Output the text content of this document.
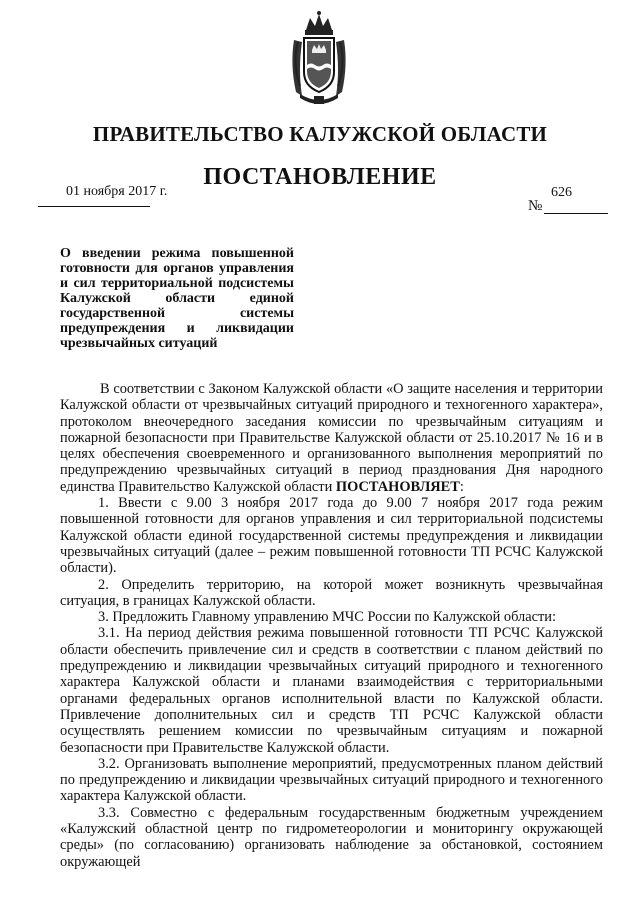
ПРАВИТЕЛЬСТВО КАЛУЖСКОЙ ОБЛАСТИ
ПОСТАНОВЛЕНИЕ
01 ноября 2017 г.	626
№
О введении режима повышенной
готовности для органов управления
и сил территориальной подсистемы
Калужской области единой
государственной системы
предупреждения и ликвидации
чрезвычайных ситуаций

В соответствии с Законом Калужской области «О защите населения и территории Калужской области от чрезвычайных ситуаций природного и техногенного характера», протоколом внеочередного заседания комиссии по чрезвычайным ситуациям и пожарной безопасности при Правительстве Калужской области от 25.10.2017 № 16 и в целях обеспечения своевременного и организованного выполнения мероприятий по предупреждению чрезвычайных ситуаций в период празднования Дня народного единства Правительство Калужской области ПОСТАНОВЛЯЕТ:

1. Ввести с 9.00 3 ноября 2017 года до 9.00 7 ноября 2017 года режим повышенной готовности для органов управления и сил территориальной подсистемы Калужской области единой государственной системы предупреждения и ликвидации чрезвычайных ситуаций (далее – режим повышенной готовности ТП РСЧС Калужской области).

2. Определить территорию, на которой может возникнуть чрезвычайная ситуация, в границах Калужской области.

3. Предложить Главному управлению МЧС России по Калужской области:

3.1. На период действия режима повышенной готовности ТП РСЧС Калужской области обеспечить привлечение сил и средств в соответствии с планом действий по предупреждению и ликвидации чрезвычайных ситуаций природного и техногенного характера Калужской области и планами взаимодействия с территориальными органами федеральных органов исполнительной власти по Калужской области. Привлечение дополнительных сил и средств ТП РСЧС Калужской области осуществлять решением комиссии по чрезвычайным ситуациям и пожарной безопасности при Правительстве Калужской области.

3.2. Организовать выполнение мероприятий, предусмотренных планом действий по предупреждению и ликвидации чрезвычайных ситуаций природного и техногенного характера Калужской области.

3.3. Совместно с федеральным государственным бюджетным учреждением «Калужский областной центр по гидрометеорологии и мониторингу окружающей среды» (по согласованию) организовать наблюдение за обстановкой, состоянием окружающей
